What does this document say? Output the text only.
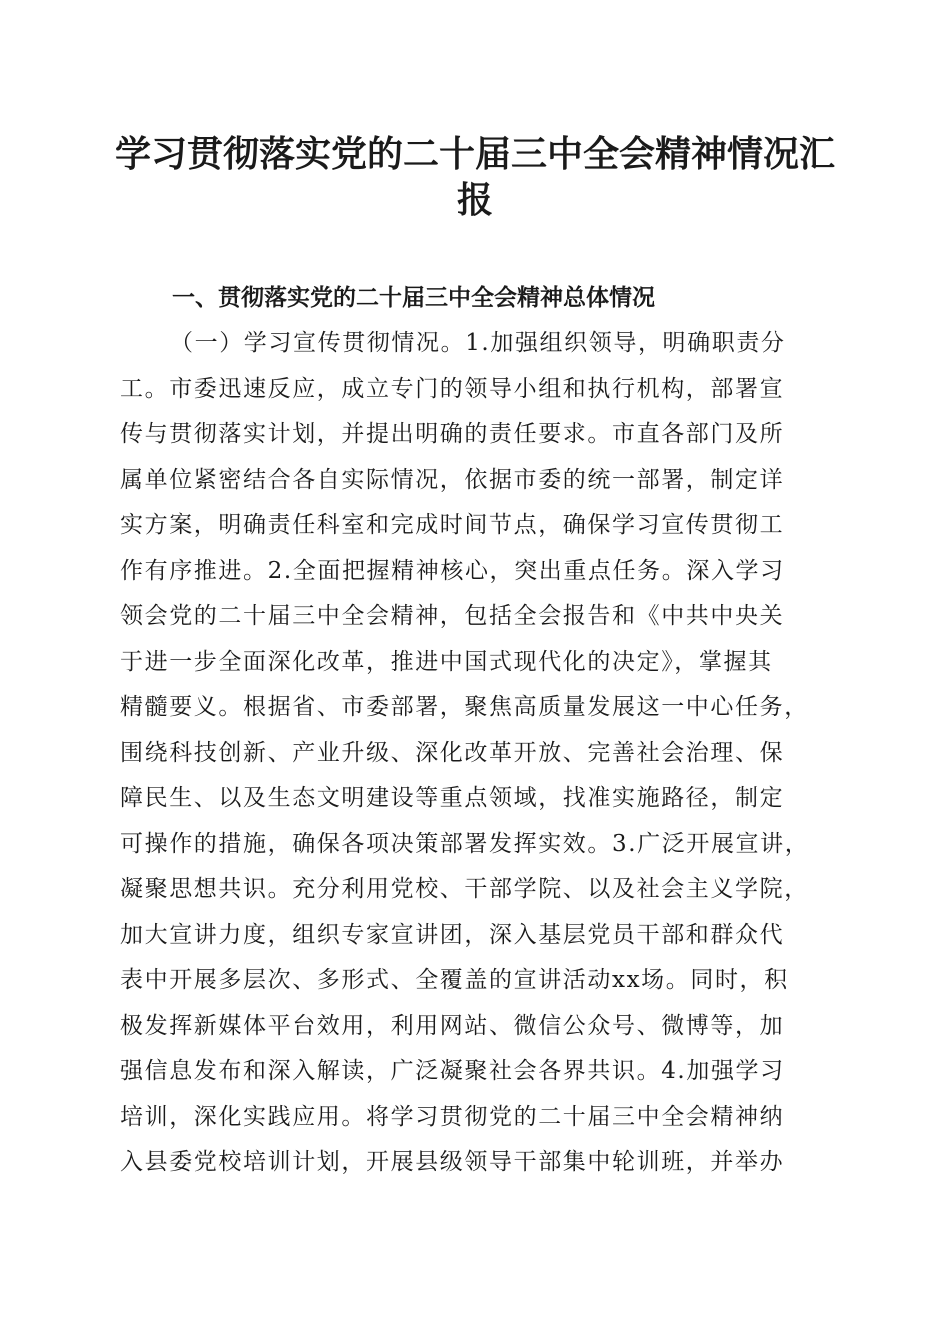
学习贯彻落实党的二十届三中全会精神情况汇
报
一、贯彻落实党的二十届三中全会精神总体情况
（一）学习宣传贯彻情况。1.加强组织领导，明确职责分
工。市委迅速反应，成立专门的领导小组和执行机构，部署宣
传与贯彻落实计划，并提出明确的责任要求。市直各部门及所
属单位紧密结合各自实际情况，依据市委的统一部署，制定详
实方案，明确责任科室和完成时间节点，确保学习宣传贯彻工
作有序推进。2.全面把握精神核心，突出重点任务。深入学习
领会党的二十届三中全会精神，包括全会报告和《中共中央关
于进一步全面深化改革，推进中国式现代化的决定》，掌握其
精髓要义。根据省、市委部署，聚焦高质量发展这一中心任务，
围绕科技创新、产业升级、深化改革开放、完善社会治理、保
障民生、以及生态文明建设等重点领域，找准实施路径，制定
可操作的措施，确保各项决策部署发挥实效。3.广泛开展宣讲，
凝聚思想共识。充分利用党校、干部学院、以及社会主义学院，
加大宣讲力度，组织专家宣讲团，深入基层党员干部和群众代
表中开展多层次、多形式、全覆盖的宣讲活动xx场。同时，积
极发挥新媒体平台效用，利用网站、微信公众号、微博等，加
强信息发布和深入解读，广泛凝聚社会各界共识。4.加强学习
培训，深化实践应用。将学习贯彻党的二十届三中全会精神纳
入县委党校培训计划，开展县级领导干部集中轮训班，并举办
